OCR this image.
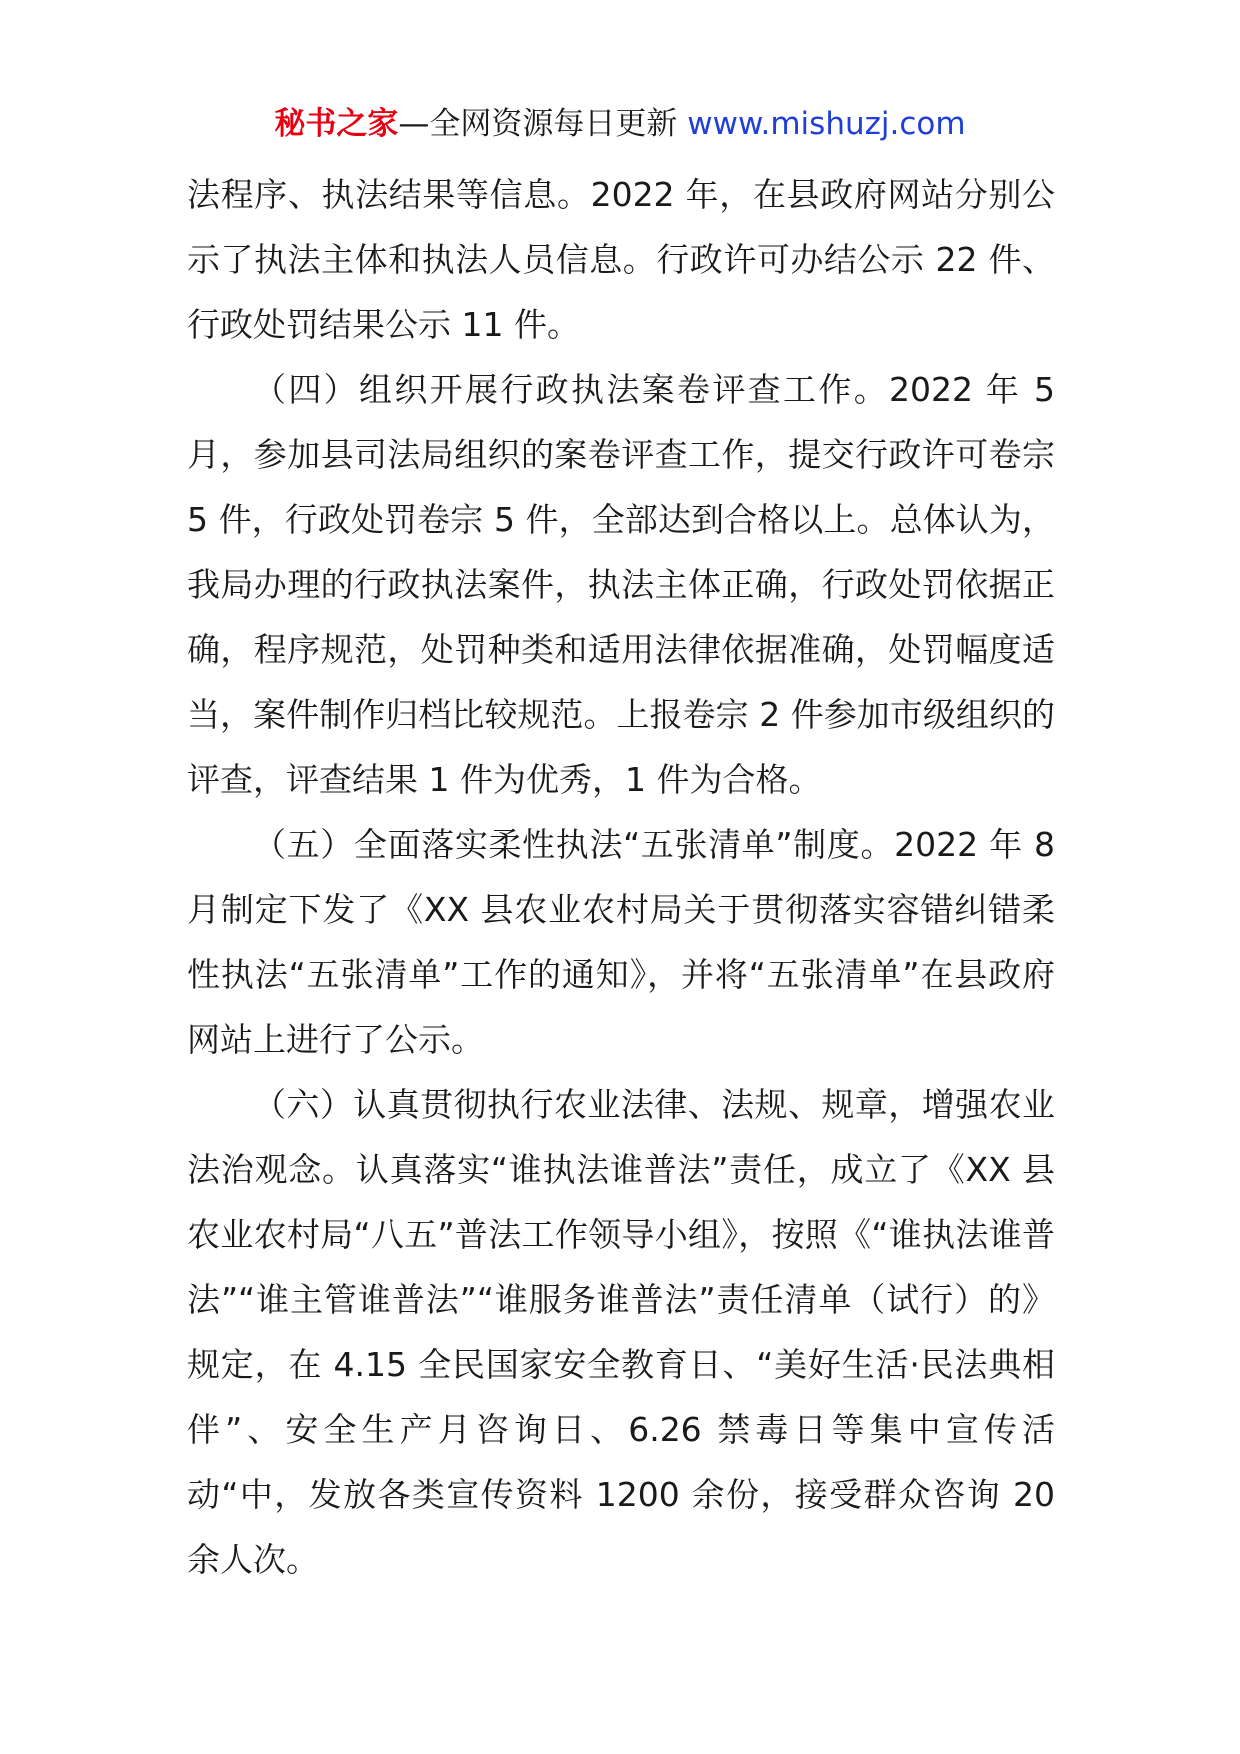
秘书之家—全网资源每日更新 www.mishuzj.com

法程序、执法结果等信息。2022 年，在县政府网站分别公示了执法主体和执法人员信息。行政许可办结公示 22 件、行政处罚结果公示 11 件。

（四）组织开展行政执法案卷评查工作。2022 年 5 月，参加县司法局组织的案卷评查工作，提交行政许可卷宗 5 件，行政处罚卷宗 5 件，全部达到合格以上。总体认为，我局办理的行政执法案件，执法主体正确，行政处罚依据正确，程序规范，处罚种类和适用法律依据准确，处罚幅度适当，案件制作归档比较规范。上报卷宗 2 件参加市级组织的评查，评查结果 1 件为优秀，1 件为合格。

（五）全面落实柔性执法“五张清单”制度。2022 年 8 月制定下发了《XX 县农业农村局关于贯彻落实容错纠错柔性执法“五张清单”工作的通知》，并将“五张清单”在县政府网站上进行了公示。

（六）认真贯彻执行农业法律、法规、规章，增强农业法治观念。认真落实“谁执法谁普法”责任，成立了《XX 县农业农村局“八五”普法工作领导小组》，按照《“谁执法谁普法”“谁主管谁普法”“谁服务谁普法”责任清单（试行）的》规定，在 4.15 全民国家安全教育日、“美好生活·民法典相伴”、安全生产月咨询日、6.26 禁毒日等集中宣传活动“中，发放各类宣传资料 1200 余份，接受群众咨询 20 余人次。
